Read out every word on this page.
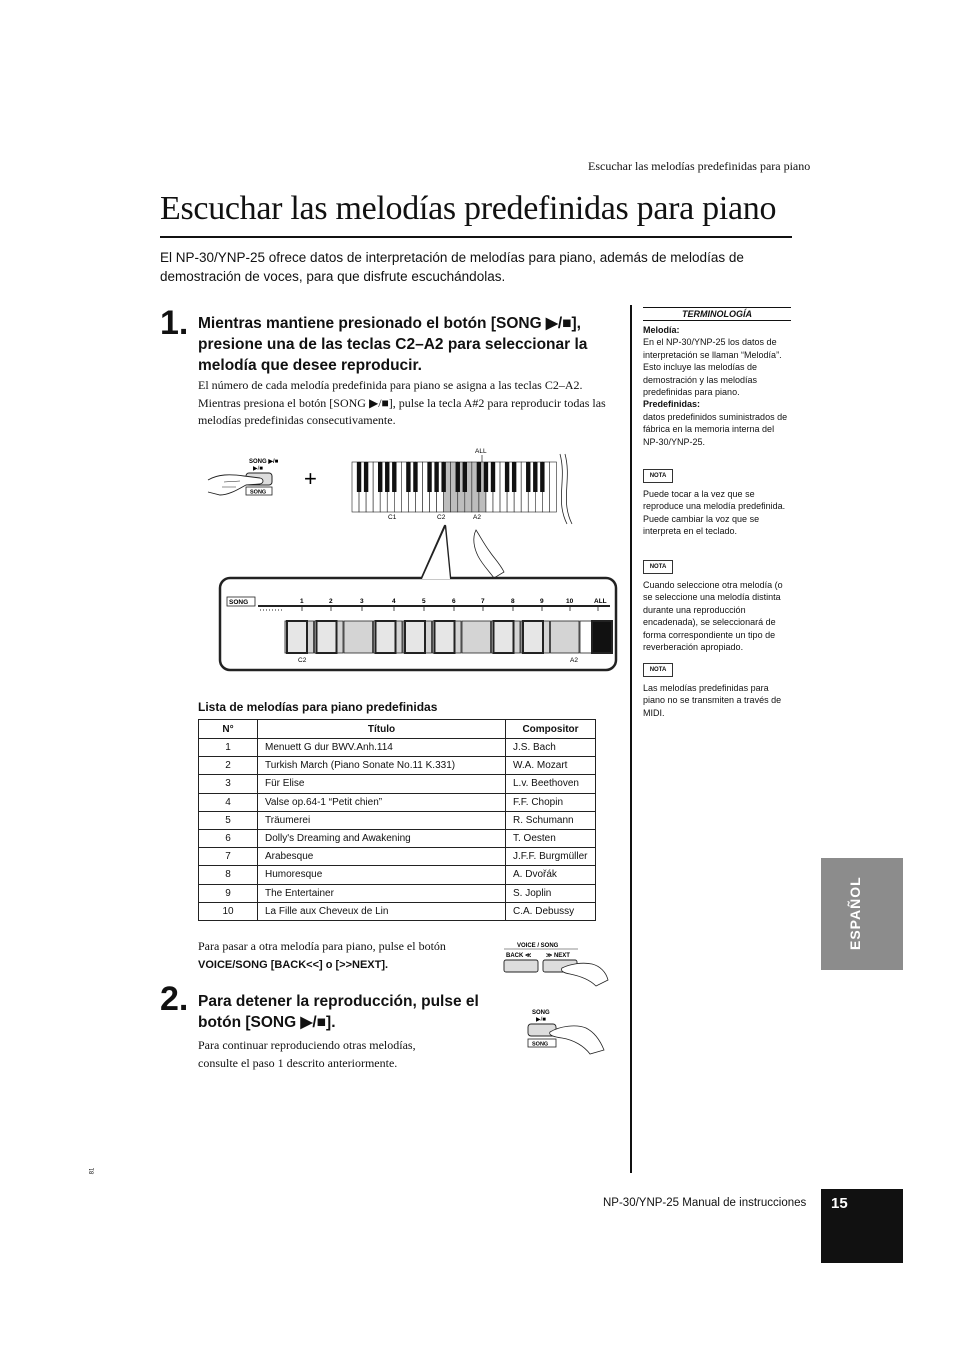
Escuchar las melodías predefinidas para piano
Escuchar las melodías predefinidas para piano
El NP-30/YNP-25 ofrece datos de interpretación de melodías para piano, además de melodías de demostración de voces, para que disfrute escuchándolas.
1. Mientras mantiene presionado el botón [SONG ▶/■], presione una de las teclas C2–A2 para seleccionar la melodía que desee reproducir.
El número de cada melodía predefinida para piano se asigna a las teclas C2–A2. Mientras presiona el botón [SONG ▶/■], pulse la tecla A#2 para reproducir todas las melodías predefinidas consecutivamente.
SONG ▶/■
▶/■
SONG
+
ALL
C1	C2	A2
SONG	1	2	3	4	5	6	7	8	9	10	ALL
C2	A2
Lista de melodías para piano predefinidas
N°	Título	Compositor
1	Menuett G dur BWV.Anh.114	J.S. Bach
2	Turkish March (Piano Sonate No.11 K.331)	W.A. Mozart
3	Für Elise	L.v. Beethoven
4	Valse op.64-1 “Petit chien”	F.F. Chopin
5	Träumerei	R. Schumann
6	Dolly's Dreaming and Awakening	T. Oesten
7	Arabesque	J.F.F. Burgmüller
8	Humoresque	A. Dvořák
9	The Entertainer	S. Joplin
10	La Fille aux Cheveux de Lin	C.A. Debussy
Para pasar a otra melodía para piano, pulse el botón
VOICE/SONG [BACK<<] o [>>NEXT].
VOICE / SONG
BACK ≪ ≫ NEXT
2. Para detener la reproducción, pulse el botón [SONG ▶/■].
Para continuar reproduciendo otras melodías, consulte el paso 1 descrito anteriormente.
SONG
▶/■
SONG
TERMINOLOGÍA
Melodía:
En el NP-30/YNP-25 los datos de interpretación se llaman “Melodía”. Esto incluye las melodías de demostración y las melodías predefinidas para piano.
Predefinidas:
datos predefinidos suministrados de fábrica en la memoria interna del NP-30/YNP-25.
NOTA
Puede tocar a la vez que se reproduce una melodía predefinida. Puede cambiar la voz que se interpreta en el teclado.
NOTA
Cuando seleccione otra melodía (o se seleccione una melodía distinta durante una reproducción encadenada), se seleccionará de forma correspondiente un tipo de reverberación apropiado.
NOTA
Las melodías predefinidas para piano no se transmiten a través de MIDI.
ESPAÑOL
81
NP-30/YNP-25 Manual de instrucciones 15
